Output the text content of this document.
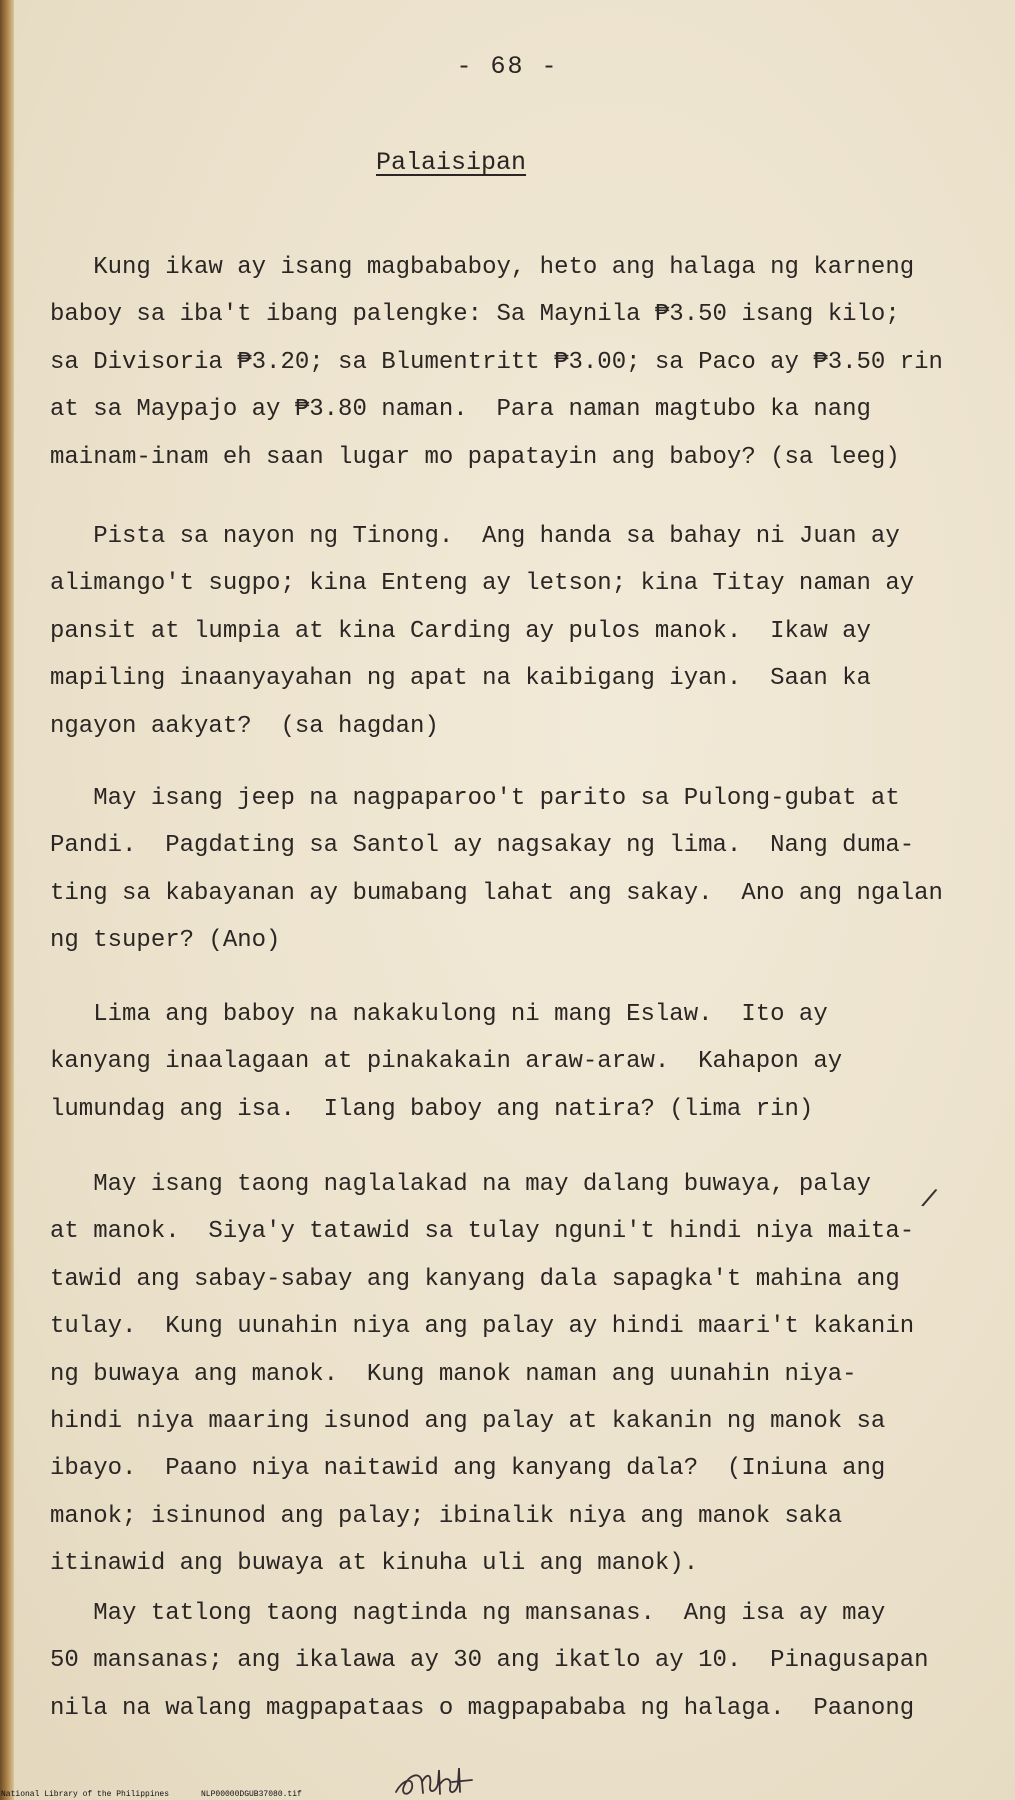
- 68 -
Palaisipan

Kung ikaw ay isang magbababoy, heto ang halaga ng karneng
baboy sa iba't ibang palengke: Sa Maynila ₱3.50 isang kilo;
sa Divisoria ₱3.20; sa Blumentritt ₱3.00; sa Paco ay ₱3.50 rin
at sa Maypajo ay ₱3.80 naman.  Para naman magtubo ka nang
mainam-inam eh saan lugar mo papatayin ang baboy? (sa leeg)

Pista sa nayon ng Tinong.  Ang handa sa bahay ni Juan ay
alimango't sugpo; kina Enteng ay letson; kina Titay naman ay
pansit at lumpia at kina Carding ay pulos manok.  Ikaw ay
mapiling inaanyayahan ng apat na kaibigang iyan.  Saan ka
ngayon aakyat?  (sa hagdan)

May isang jeep na nagpaparoo't parito sa Pulong-gubat at
Pandi.  Pagdating sa Santol ay nagsakay ng lima.  Nang duma-
ting sa kabayanan ay bumabang lahat ang sakay.  Ano ang ngalan
ng tsuper? (Ano)

Lima ang baboy na nakakulong ni mang Eslaw.  Ito ay
kanyang inaalagaan at pinakakain araw-araw.  Kahapon ay
lumundag ang isa.  Ilang baboy ang natira? (lima rin)

May isang taong naglalakad na may dalang buwaya, palay
at manok.  Siya'y tatawid sa tulay nguni't hindi niya maita-
tawid ang sabay-sabay ang kanyang dala sapagka't mahina ang
tulay.  Kung uunahin niya ang palay ay hindi maari't kakanin
ng buwaya ang manok.  Kung manok naman ang uunahin niya-
hindi niya maaring isunod ang palay at kakanin ng manok sa
ibayo.  Paano niya naitawid ang kanyang dala?  (Iniuna ang
manok; isinunod ang palay; ibinalik niya ang manok saka
itinawid ang buwaya at kinuha uli ang manok).

May tatlong taong nagtinda ng mansanas.  Ang isa ay may
50 mansanas; ang ikalawa ay 30 ang ikatlo ay 10.  Pinagusapan
nila na walang magpapataas o magpapababa ng halaga.  Paanong

/
National Library of the Philippines	NLP00000DGUB37080.tif
